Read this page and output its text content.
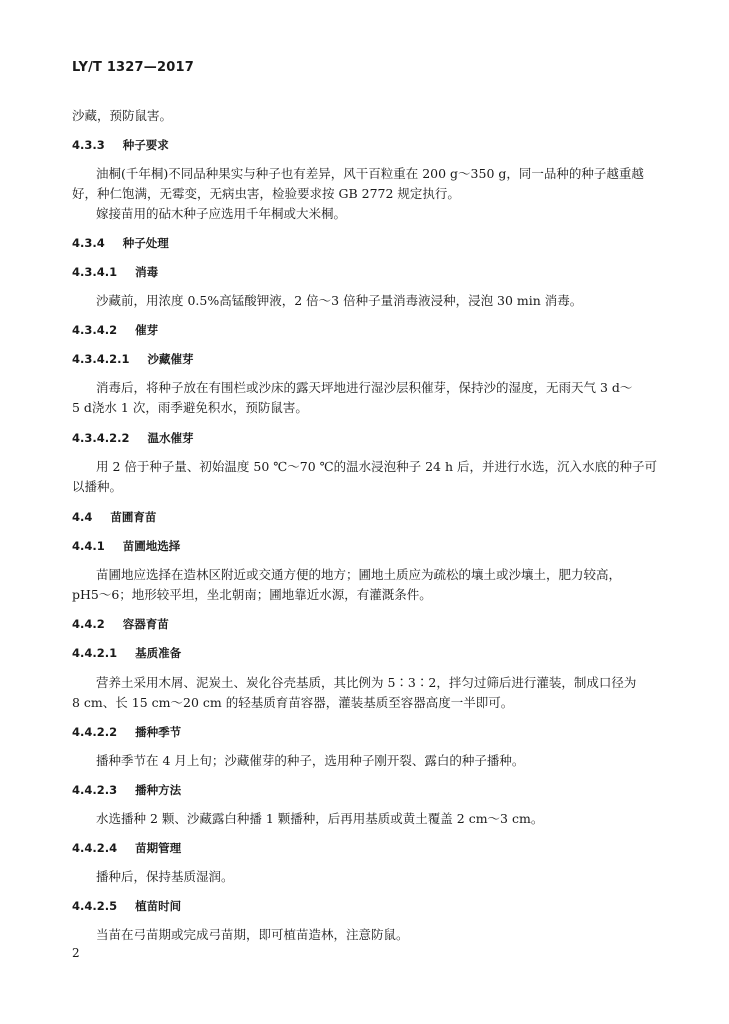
LY/T 1327—2017
沙藏，预防鼠害。
4.3.3 种子要求
油桐(千年桐)不同品种果实与种子也有差异，风干百粒重在 200 g～350 g，同一品种的种子越重越
好，种仁饱满，无霉变，无病虫害，检验要求按 GB 2772 规定执行。
嫁接苗用的砧木种子应选用千年桐或大米桐。
4.3.4 种子处理
4.3.4.1 消毒
沙藏前，用浓度 0.5%高锰酸钾液，2 倍～3 倍种子量消毒液浸种，浸泡 30 min 消毒。
4.3.4.2 催芽
4.3.4.2.1 沙藏催芽
消毒后，将种子放在有围栏或沙床的露天坪地进行湿沙层积催芽，保持沙的湿度，无雨天气 3 d～
5 d浇水 1 次，雨季避免积水，预防鼠害。
4.3.4.2.2 温水催芽
用 2 倍于种子量、初始温度 50 ℃～70 ℃的温水浸泡种子 24 h 后，并进行水选，沉入水底的种子可
以播种。
4.4 苗圃育苗
4.4.1 苗圃地选择
苗圃地应选择在造林区附近或交通方便的地方；圃地土质应为疏松的壤土或沙壤土，肥力较高，
pH5～6；地形较平坦，坐北朝南；圃地靠近水源，有灌溉条件。
4.4.2 容器育苗
4.4.2.1 基质准备
营养土采用木屑、泥炭土、炭化谷壳基质，其比例为 5∶3∶2，拌匀过筛后进行灌装，制成口径为
8 cm、长 15 cm～20 cm 的轻基质育苗容器，灌装基质至容器高度一半即可。
4.4.2.2 播种季节
播种季节在 4 月上旬；沙藏催芽的种子，选用种子刚开裂、露白的种子播种。
4.4.2.3 播种方法
水选播种 2 颗、沙藏露白种播 1 颗播种，后再用基质或黄土覆盖 2 cm～3 cm。
4.4.2.4 苗期管理
播种后，保持基质湿润。
4.4.2.5 植苗时间
当苗在弓苗期或完成弓苗期，即可植苗造林，注意防鼠。
2
